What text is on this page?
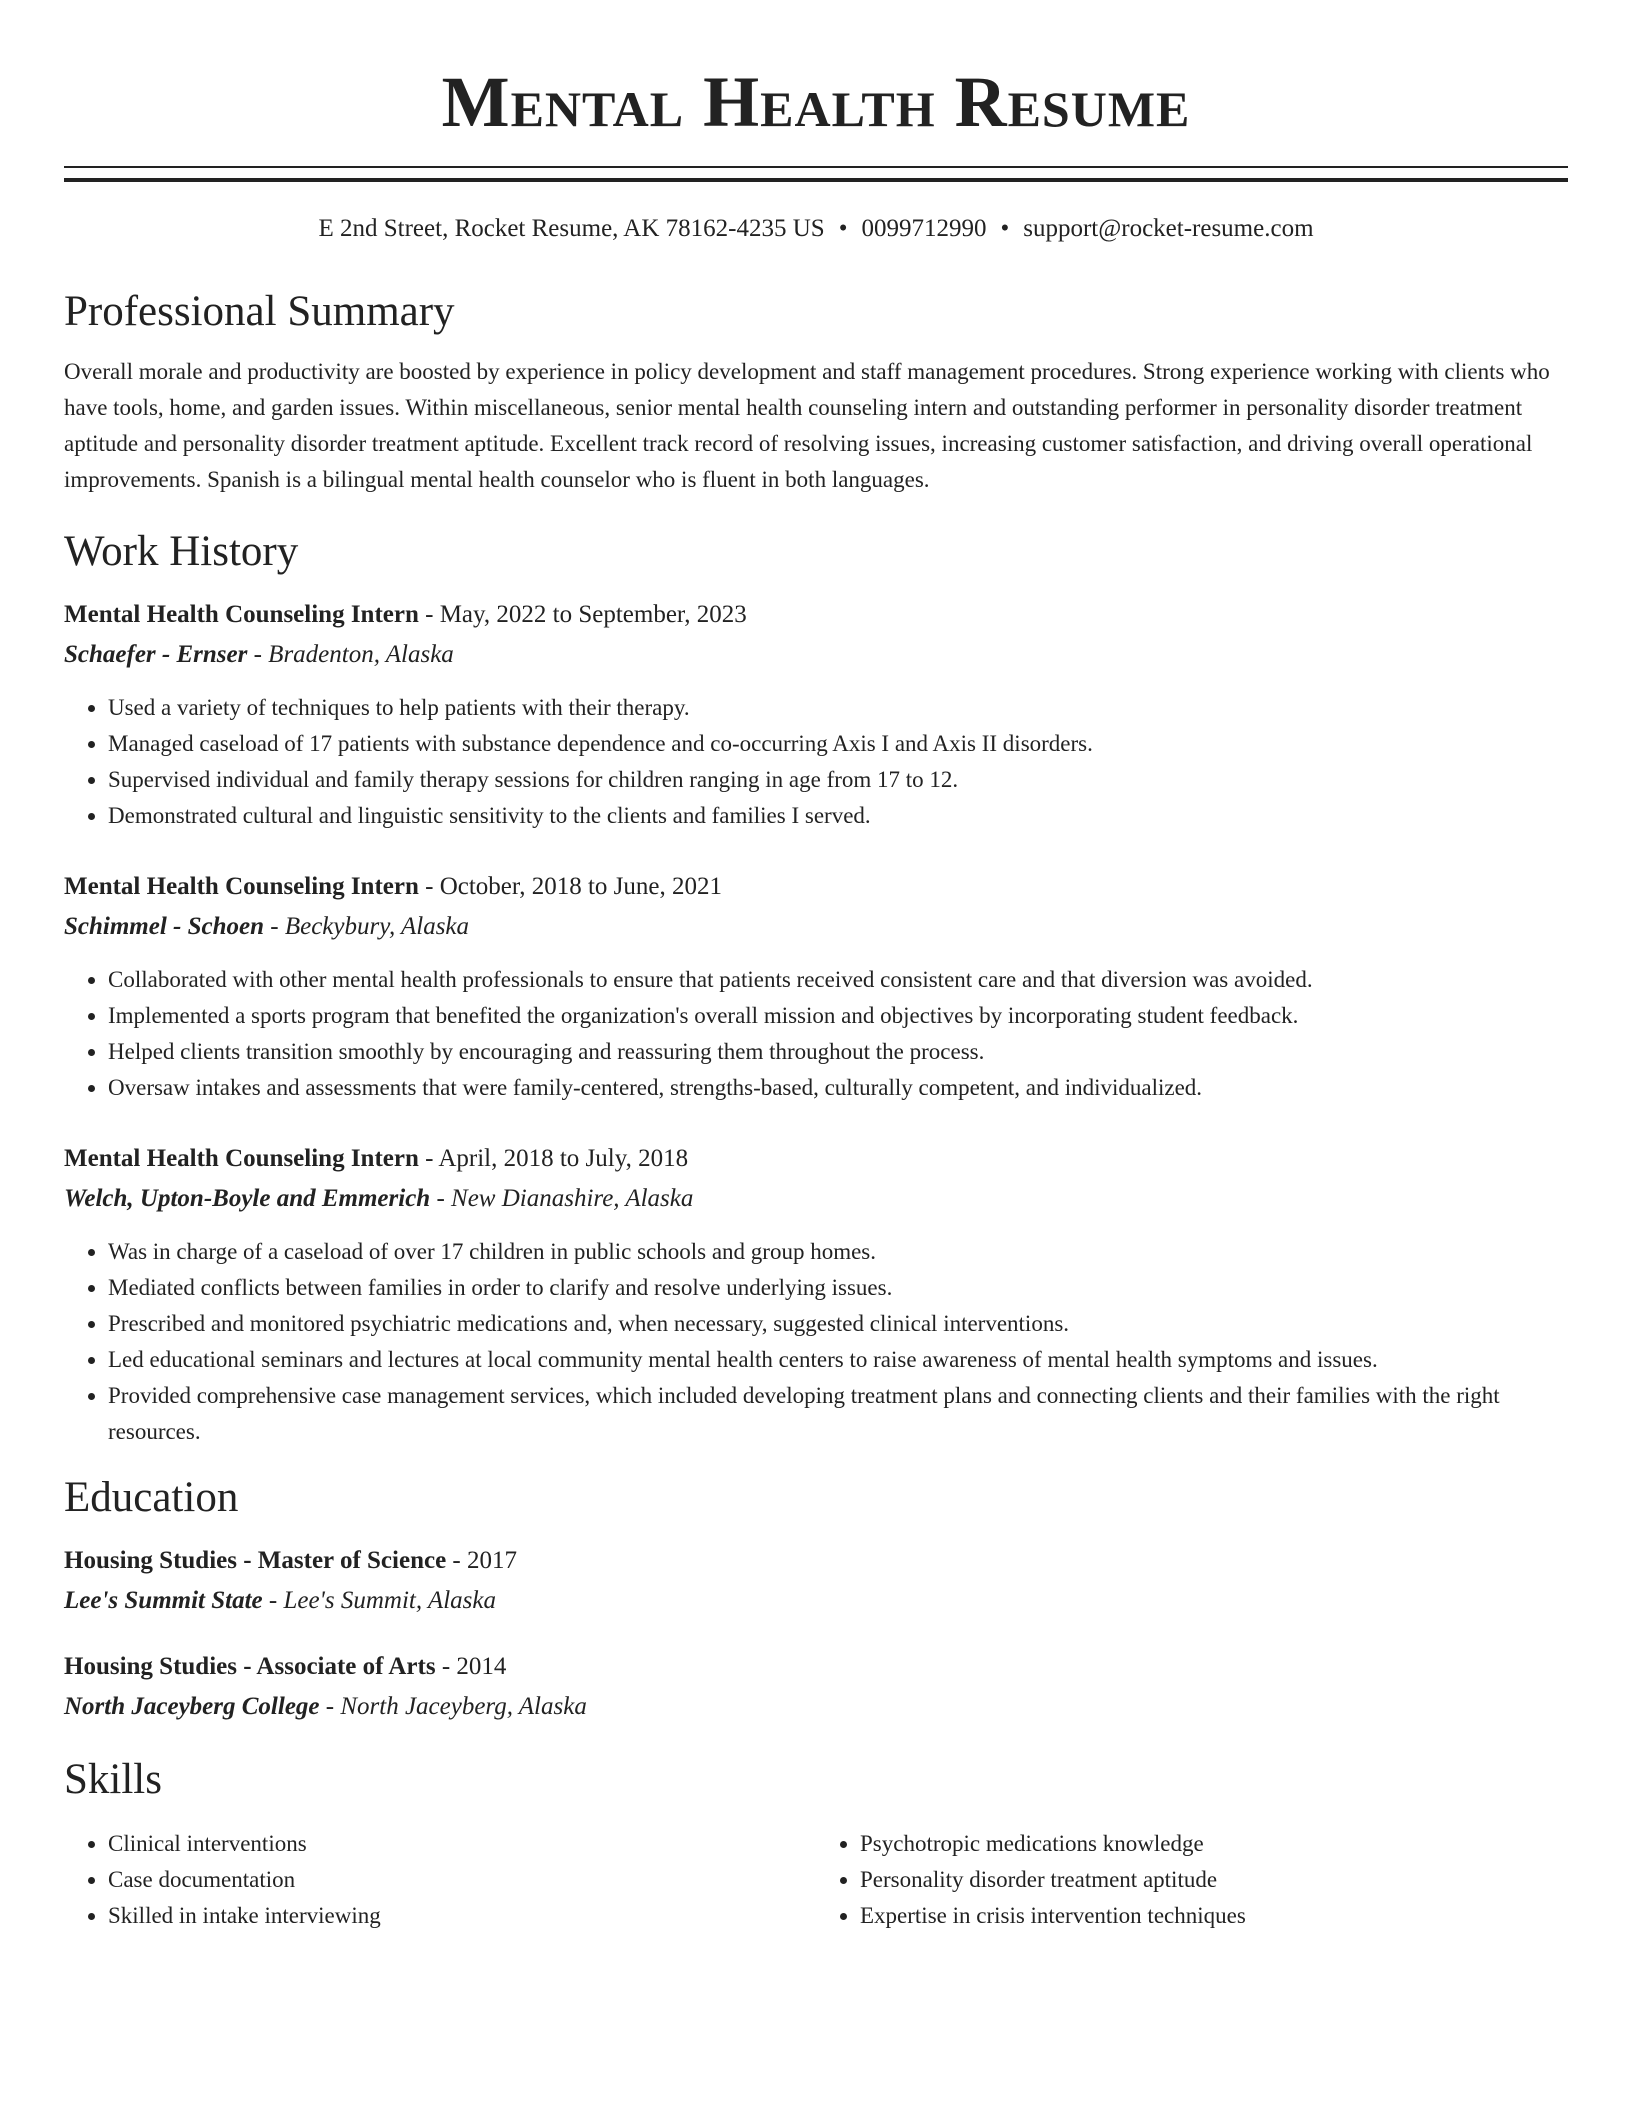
Mental Health Resume
E 2nd Street, Rocket Resume, AK 78162-4235 US • 0099712990 • support@rocket-resume.com
Professional Summary

Overall morale and productivity are boosted by experience in policy development and staff management procedures. Strong experience working with clients who have tools, home, and garden issues. Within miscellaneous, senior mental health counseling intern and outstanding performer in personality disorder treatment aptitude and personality disorder treatment aptitude. Excellent track record of resolving issues, increasing customer satisfaction, and driving overall operational improvements. Spanish is a bilingual mental health counselor who is fluent in both languages.

Work History

Mental Health Counseling Intern - May, 2022 to September, 2023

Schaefer - Ernser - Bradenton, Alaska

• Used a variety of techniques to help patients with their therapy.
• Managed caseload of 17 patients with substance dependence and co-occurring Axis I and Axis II disorders.
• Supervised individual and family therapy sessions for children ranging in age from 17 to 12.
• Demonstrated cultural and linguistic sensitivity to the clients and families I served.

Mental Health Counseling Intern - October, 2018 to June, 2021

Schimmel - Schoen - Beckybury, Alaska

• Collaborated with other mental health professionals to ensure that patients received consistent care and that diversion was avoided.
• Implemented a sports program that benefited the organization's overall mission and objectives by incorporating student feedback.
• Helped clients transition smoothly by encouraging and reassuring them throughout the process.
• Oversaw intakes and assessments that were family-centered, strengths-based, culturally competent, and individualized.

Mental Health Counseling Intern - April, 2018 to July, 2018

Welch, Upton-Boyle and Emmerich - New Dianashire, Alaska

• Was in charge of a caseload of over 17 children in public schools and group homes.
• Mediated conflicts between families in order to clarify and resolve underlying issues.
• Prescribed and monitored psychiatric medications and, when necessary, suggested clinical interventions.
• Led educational seminars and lectures at local community mental health centers to raise awareness of mental health symptoms and issues.
• Provided comprehensive case management services, which included developing treatment plans and connecting clients and their families with the right resources.
Education

Housing Studies - Master of Science - 2017

Lee's Summit State - Lee's Summit, Alaska

Housing Studies - Associate of Arts - 2014

North Jaceyberg College - North Jaceyberg, Alaska

Skills
• Clinical interventions
• Case documentation
• Skilled in intake interviewing
• Psychotropic medications knowledge
• Personality disorder treatment aptitude
• Expertise in crisis intervention techniques
